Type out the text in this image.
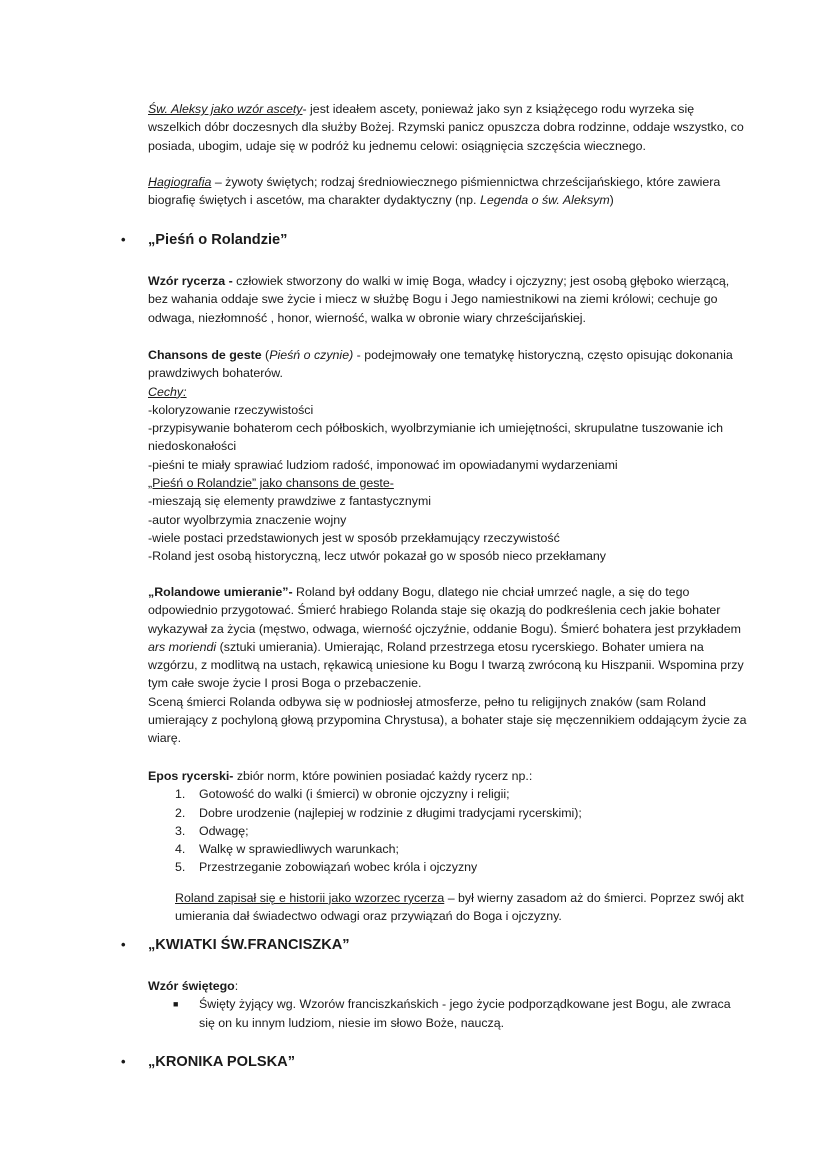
Św. Aleksy jako wzór ascety- jest ideałem ascety, ponieważ jako syn z książęcego rodu wyrzeka się wszelkich dóbr doczesnych dla służby Bożej. Rzymski panicz opuszcza dobra rodzinne, oddaje wszystko, co posiada, ubogim, udaje się w podróż ku jednemu celowi: osiągnięcia szczęścia wiecznego.

Hagiografia – żywoty świętych; rodzaj średniowiecznego piśmiennictwa chrześcijańskiego, które zawiera biografię świętych i ascetów, ma charakter dydaktyczny (np. Legenda o św. Aleksym)

• „Pieśń o Rolandzie”

Wzór rycerza - człowiek stworzony do walki w imię Boga, władcy i ojczyzny; jest osobą głęboko wierzącą, bez wahania oddaje swe życie i miecz w służbę Bogu i Jego namiestnikowi na ziemi królowi; cechuje go odwaga, niezłomność , honor, wierność, walka w obronie wiary chrześcijańskiej.

Chansons de geste (Pieśń o czynie) - podejmowały one tematykę historyczną, często opisując dokonania prawdziwych bohaterów.

Cechy:

-koloryzowanie rzeczywistości

-przypisywanie bohaterom cech półboskich, wyolbrzymianie ich umiejętności, skrupulatne tuszowanie ich niedoskonałości

-pieśni te miały sprawiać ludziom radość, imponować im opowiadanymi wydarzeniami

„Pieśń o Rolandzie” jako chansons de geste-

-mieszają się elementy prawdziwe z fantastycznymi

-autor wyolbrzymia znaczenie wojny

-wiele postaci przedstawionych jest w sposób przekłamujący rzeczywistość

-Roland jest osobą historyczną, lecz utwór pokazał go w sposób nieco przekłamany

„Rolandowe umieranie”- Roland był oddany Bogu, dlatego nie chciał umrzeć nagle, a się do tego odpowiednio przygotować. Śmierć hrabiego Rolanda staje się okazją do podkreślenia cech jakie bohater wykazywał za życia (męstwo, odwaga, wierność ojczyźnie, oddanie Bogu). Śmierć bohatera jest przykładem ars moriendi (sztuki umierania). Umierając, Roland przestrzega etosu rycerskiego. Bohater umiera na wzgórzu, z modlitwą na ustach, rękawicą uniesione ku Bogu I twarzą zwróconą ku Hiszpanii. Wspomina przy tym całe swoje życie I prosi Boga o przebaczenie.

Sceną śmierci Rolanda odbywa się w podniosłej atmosferze, pełno tu religijnych znaków (sam Roland umierający z pochyloną głową przypomina Chrystusa), a bohater staje się męczennikiem oddającym życie za wiarę.

Epos rycerski- zbiór norm, które powinien posiadać każdy rycerz np.:

1. Gotowość do walki (i śmierci) w obronie ojczyzny i religii;
2. Dobre urodzenie (najlepiej w rodzinie z długimi tradycjami rycerskimi);
3. Odwagę;
4. Walkę w sprawiedliwych warunkach;
5. Przestrzeganie zobowiązań wobec króla i ojczyzny

Roland zapisał się e historii jako wzorzec rycerza – był wierny zasadom aż do śmierci. Poprzez swój akt umierania dał świadectwo odwagi oraz przywiązań do Boga i ojczyzny.

• „KWIATKI ŚW.FRANCISZKA”

Wzór świętego:

■ Święty żyjący wg. Wzorów franciszkańskich - jego życie podporządkowane jest Bogu, ale zwraca się on ku innym ludziom, niesie im słowo Boże, nauczą.

• „KRONIKA POLSKA”
